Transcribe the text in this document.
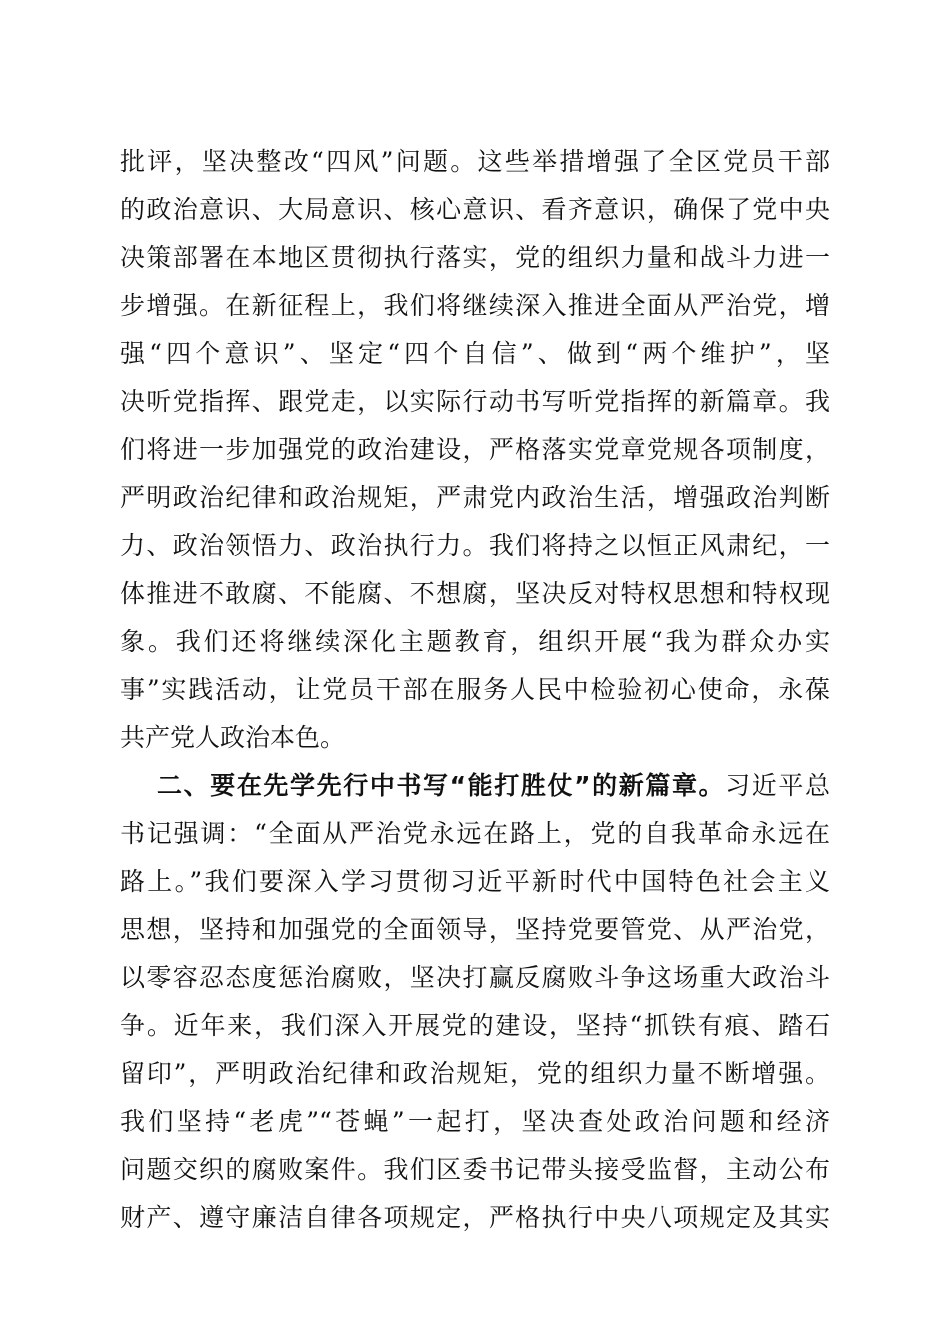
批评，坚决整改“四风”问题。这些举措增强了全区党员干部
的政治意识、大局意识、核心意识、看齐意识，确保了党中央
决策部署在本地区贯彻执行落实，党的组织力量和战斗力进一
步增强。在新征程上，我们将继续深入推进全面从严治党，增
强“四个意识”、坚定“四个自信”、做到“两个维护”，坚
决听党指挥、跟党走，以实际行动书写听党指挥的新篇章。我
们将进一步加强党的政治建设，严格落实党章党规各项制度，
严明政治纪律和政治规矩，严肃党内政治生活，增强政治判断
力、政治领悟力、政治执行力。我们将持之以恒正风肃纪，一
体推进不敢腐、不能腐、不想腐，坚决反对特权思想和特权现
象。我们还将继续深化主题教育，组织开展“我为群众办实
事”实践活动，让党员干部在服务人民中检验初心使命，永葆
共产党人政治本色。
二、要在先学先行中书写“能打胜仗”的新篇章。习近平总
书记强调：“全面从严治党永远在路上，党的自我革命永远在
路上。”我们要深入学习贯彻习近平新时代中国特色社会主义
思想，坚持和加强党的全面领导，坚持党要管党、从严治党，
以零容忍态度惩治腐败，坚决打赢反腐败斗争这场重大政治斗
争。近年来，我们深入开展党的建设，坚持“抓铁有痕、踏石
留印”，严明政治纪律和政治规矩，党的组织力量不断增强。
我们坚持“老虎”“苍蝇”一起打，坚决查处政治问题和经济
问题交织的腐败案件。我们区委书记带头接受监督，主动公布
财产、遵守廉洁自律各项规定，严格执行中央八项规定及其实
